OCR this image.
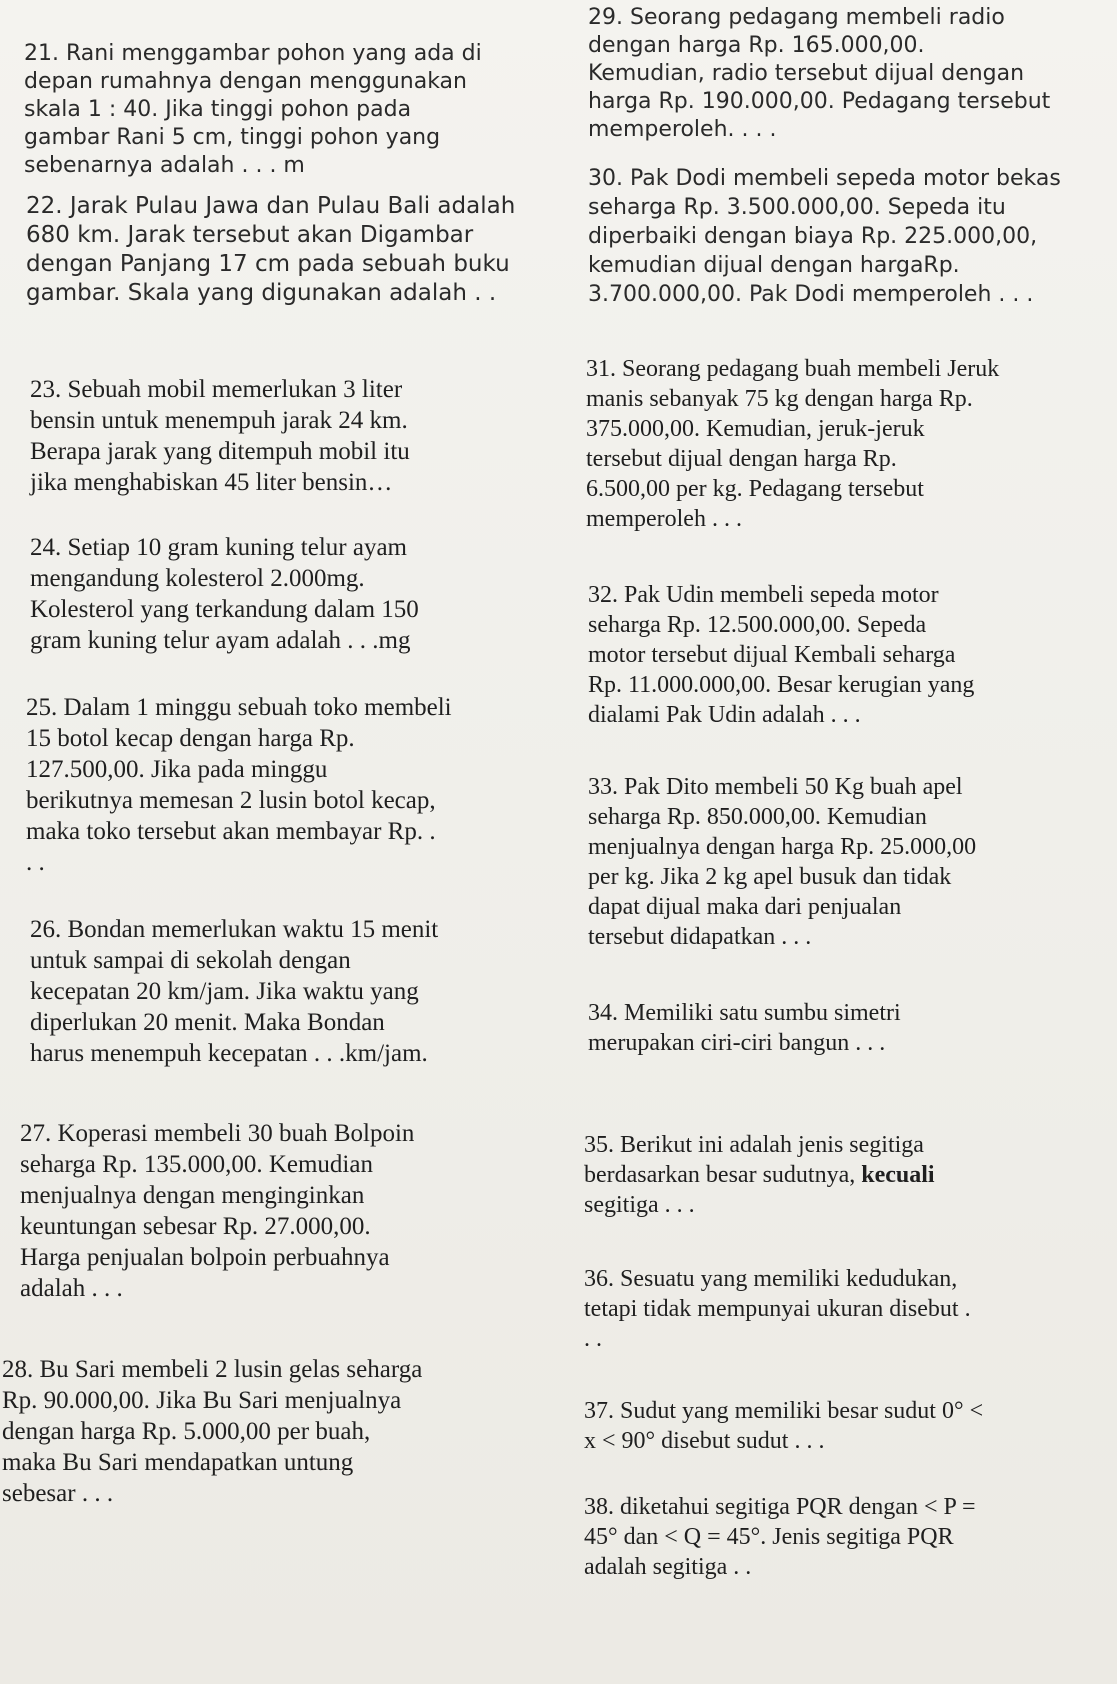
21. Rani menggambar pohon yang ada di
depan rumahnya dengan menggunakan
skala 1 : 40. Jika tinggi pohon pada
gambar Rani 5 cm, tinggi pohon yang
sebenarnya adalah . . . m
22. Jarak Pulau Jawa dan Pulau Bali adalah
680 km. Jarak tersebut akan Digambar
dengan Panjang 17 cm pada sebuah buku
gambar. Skala yang digunakan adalah . .
23. Sebuah mobil memerlukan 3 liter
bensin untuk menempuh jarak 24 km.
Berapa jarak yang ditempuh mobil itu
jika menghabiskan 45 liter bensin…
24. Setiap 10 gram kuning telur ayam
mengandung kolesterol 2.000mg.
Kolesterol yang terkandung dalam 150
gram kuning telur ayam adalah . . .mg
25. Dalam 1 minggu sebuah toko membeli
15 botol kecap dengan harga Rp.
127.500,00. Jika pada minggu
berikutnya memesan 2 lusin botol kecap,
maka toko tersebut akan membayar Rp. .
. .
26. Bondan memerlukan waktu 15 menit
untuk sampai di sekolah dengan
kecepatan 20 km/jam. Jika waktu yang
diperlukan 20 menit. Maka Bondan
harus menempuh kecepatan . . .km/jam.
27. Koperasi membeli 30 buah Bolpoin
seharga Rp. 135.000,00. Kemudian
menjualnya dengan menginginkan
keuntungan sebesar Rp. 27.000,00.
Harga penjualan bolpoin perbuahnya
adalah . . .
28. Bu Sari membeli 2 lusin gelas seharga
Rp. 90.000,00. Jika Bu Sari menjualnya
dengan harga Rp. 5.000,00 per buah,
maka Bu Sari mendapatkan untung
sebesar . . .
29. Seorang pedagang membeli radio
dengan harga Rp. 165.000,00.
Kemudian, radio tersebut dijual dengan
harga Rp. 190.000,00. Pedagang tersebut
memperoleh. . . .
30. Pak Dodi membeli sepeda motor bekas
seharga Rp. 3.500.000,00. Sepeda itu
diperbaiki dengan biaya Rp. 225.000,00,
kemudian dijual dengan hargaRp.
3.700.000,00. Pak Dodi memperoleh . . .
31. Seorang pedagang buah membeli Jeruk
manis sebanyak 75 kg dengan harga Rp.
375.000,00. Kemudian, jeruk-jeruk
tersebut dijual dengan harga Rp.
6.500,00 per kg. Pedagang tersebut
memperoleh . . .
32. Pak Udin membeli sepeda motor
seharga Rp. 12.500.000,00. Sepeda
motor tersebut dijual Kembali seharga
Rp. 11.000.000,00. Besar kerugian yang
dialami Pak Udin adalah . . .
33. Pak Dito membeli 50 Kg buah apel
seharga Rp. 850.000,00. Kemudian
menjualnya dengan harga Rp. 25.000,00
per kg. Jika 2 kg apel busuk dan tidak
dapat dijual maka dari penjualan
tersebut didapatkan . . .
34. Memiliki satu sumbu simetri
merupakan ciri-ciri bangun . . .
35. Berikut ini adalah jenis segitiga
berdasarkan besar sudutnya, kecuali
segitiga . . .
36. Sesuatu yang memiliki kedudukan,
tetapi tidak mempunyai ukuran disebut .
. .
37. Sudut yang memiliki besar sudut 0° <
x < 90° disebut sudut . . .
38. diketahui segitiga PQR dengan < P =
45° dan < Q = 45°. Jenis segitiga PQR
adalah segitiga . .
